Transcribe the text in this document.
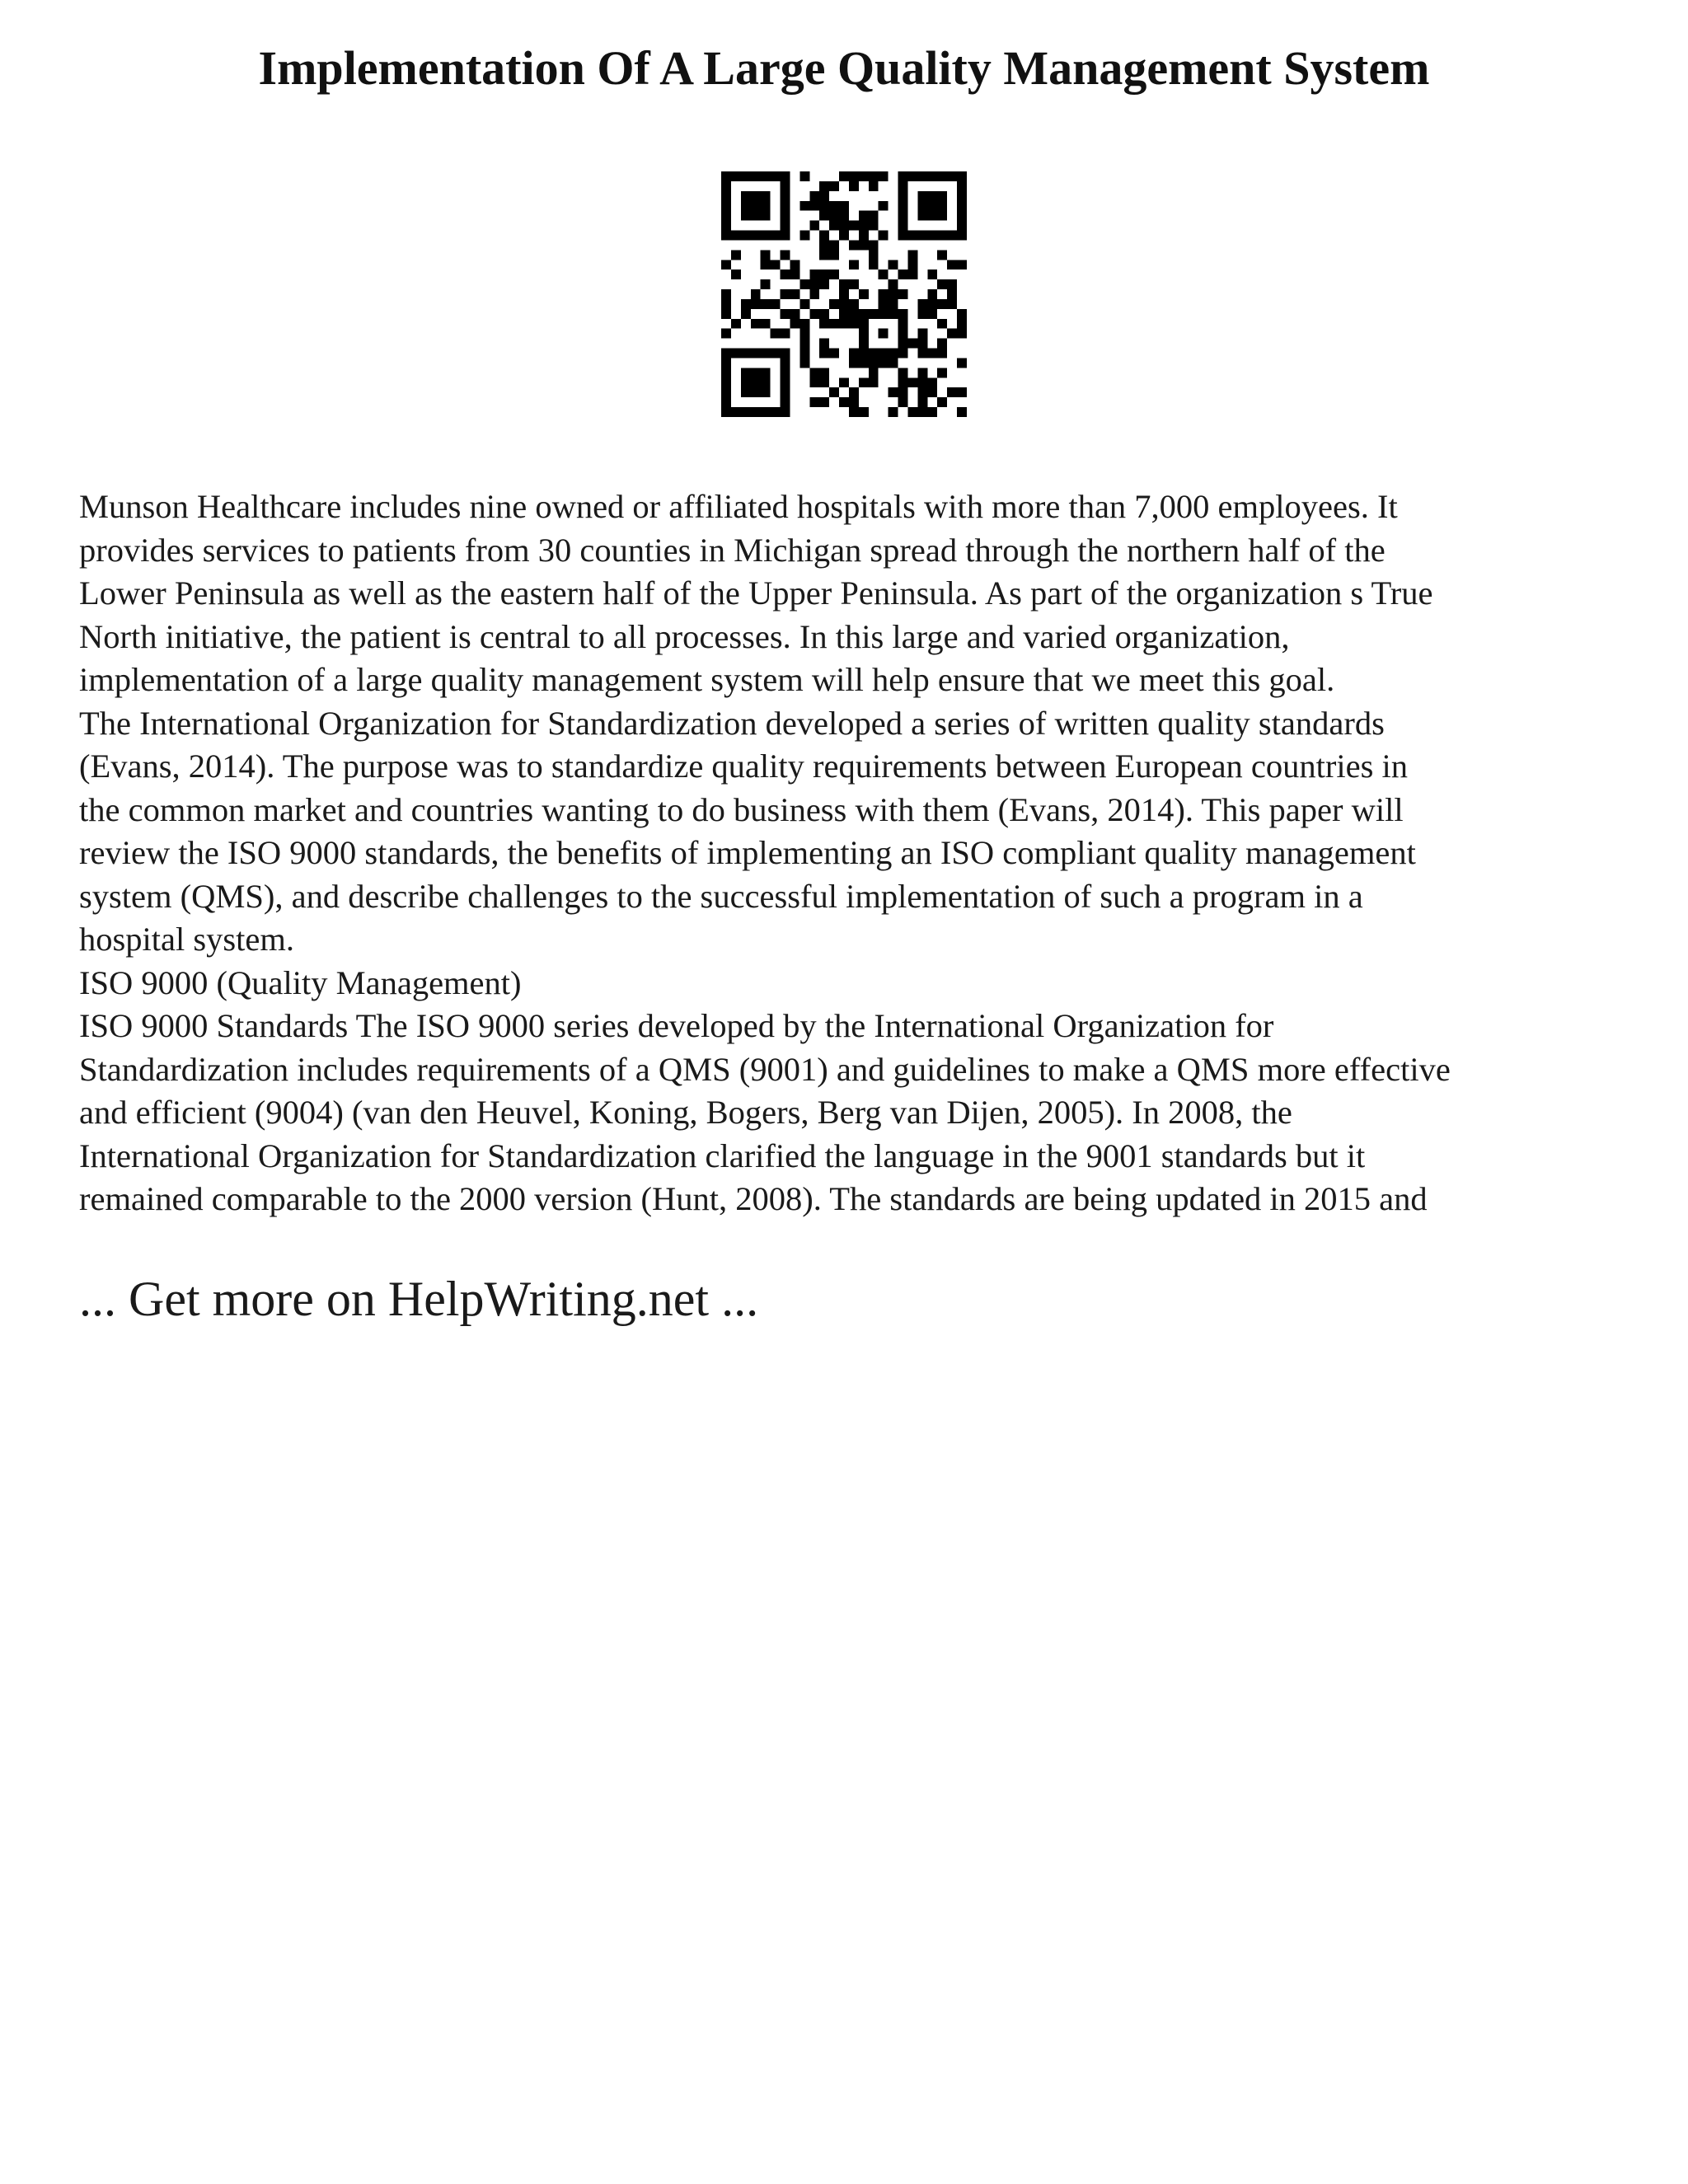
Implementation Of A Large Quality Management System
Munson Healthcare includes nine owned or affiliated hospitals with more than 7,000 employees. It
provides services to patients from 30 counties in Michigan spread through the northern half of the
Lower Peninsula as well as the eastern half of the Upper Peninsula. As part of the organization s True
North initiative, the patient is central to all processes. In this large and varied organization,
implementation of a large quality management system will help ensure that we meet this goal.
The International Organization for Standardization developed a series of written quality standards
(Evans, 2014). The purpose was to standardize quality requirements between European countries in
the common market and countries wanting to do business with them (Evans, 2014). This paper will
review the ISO 9000 standards, the benefits of implementing an ISO compliant quality management
system (QMS), and describe challenges to the successful implementation of such a program in a
hospital system.
ISO 9000 (Quality Management)
ISO 9000 Standards The ISO 9000 series developed by the International Organization for
Standardization includes requirements of a QMS (9001) and guidelines to make a QMS more effective
and efficient (9004) (van den Heuvel, Koning, Bogers, Berg van Dijen, 2005). In 2008, the
International Organization for Standardization clarified the language in the 9001 standards but it
remained comparable to the 2000 version (Hunt, 2008). The standards are being updated in 2015 and
... Get more on HelpWriting.net ...
